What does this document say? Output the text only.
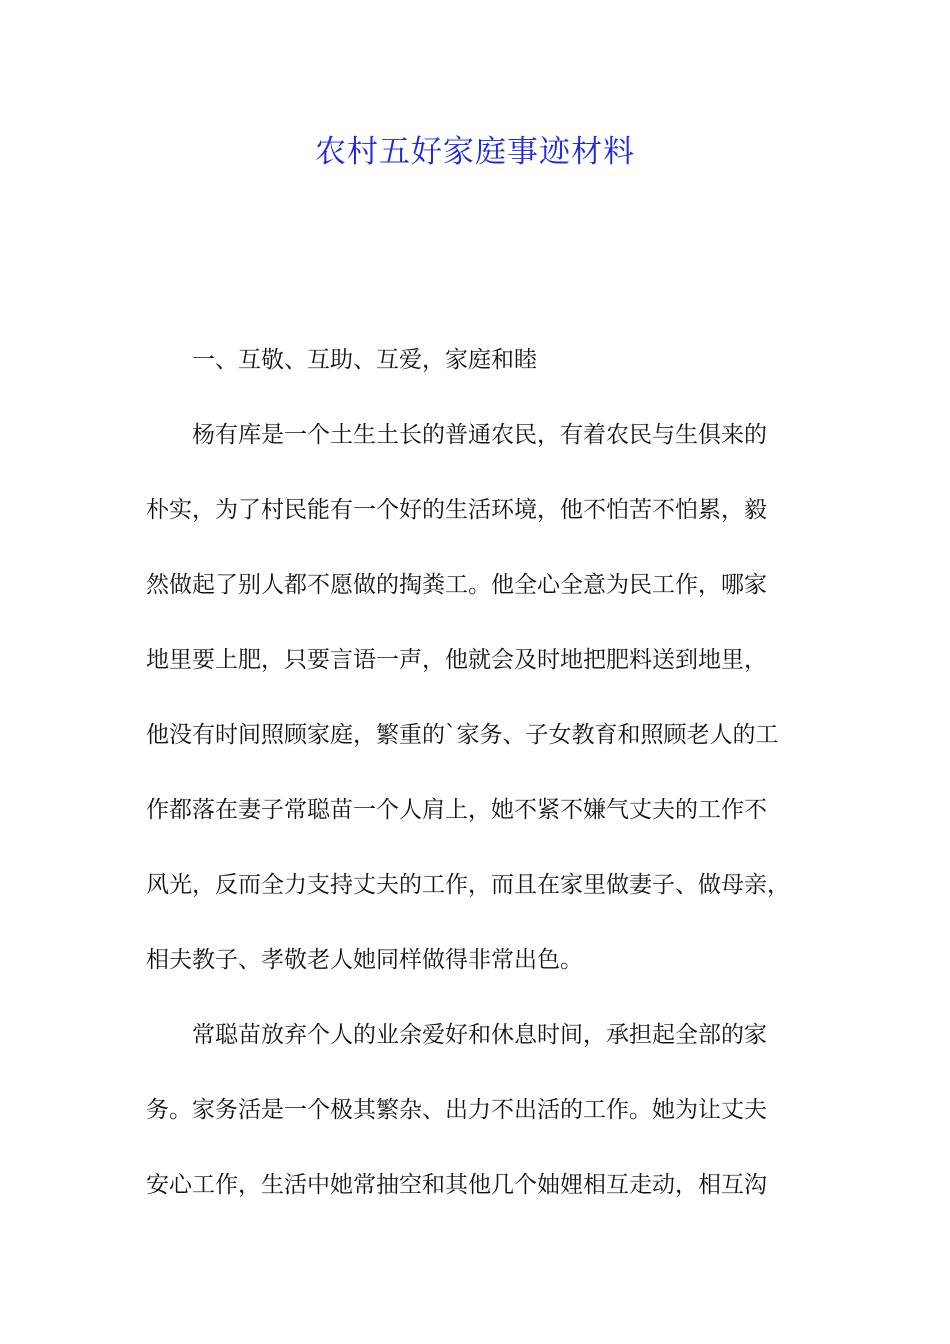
农村五好家庭事迹材料
一、互敬、互助、互爱，家庭和睦
杨有库是一个土生土长的普通农民，有着农民与生俱来的
朴实，为了村民能有一个好的生活环境，他不怕苦不怕累，毅
然做起了别人都不愿做的掏粪工。他全心全意为民工作，哪家
地里要上肥，只要言语一声，他就会及时地把肥料送到地里，
他没有时间照顾家庭，繁重的`家务、子女教育和照顾老人的工
作都落在妻子常聪苗一个人肩上，她不紧不嫌气丈夫的工作不
风光，反而全力支持丈夫的工作，而且在家里做妻子、做母亲，
相夫教子、孝敬老人她同样做得非常出色。
常聪苗放弃个人的业余爱好和休息时间，承担起全部的家
务。家务活是一个极其繁杂、出力不出活的工作。她为让丈夫
安心工作，生活中她常抽空和其他几个妯娌相互走动，相互沟
